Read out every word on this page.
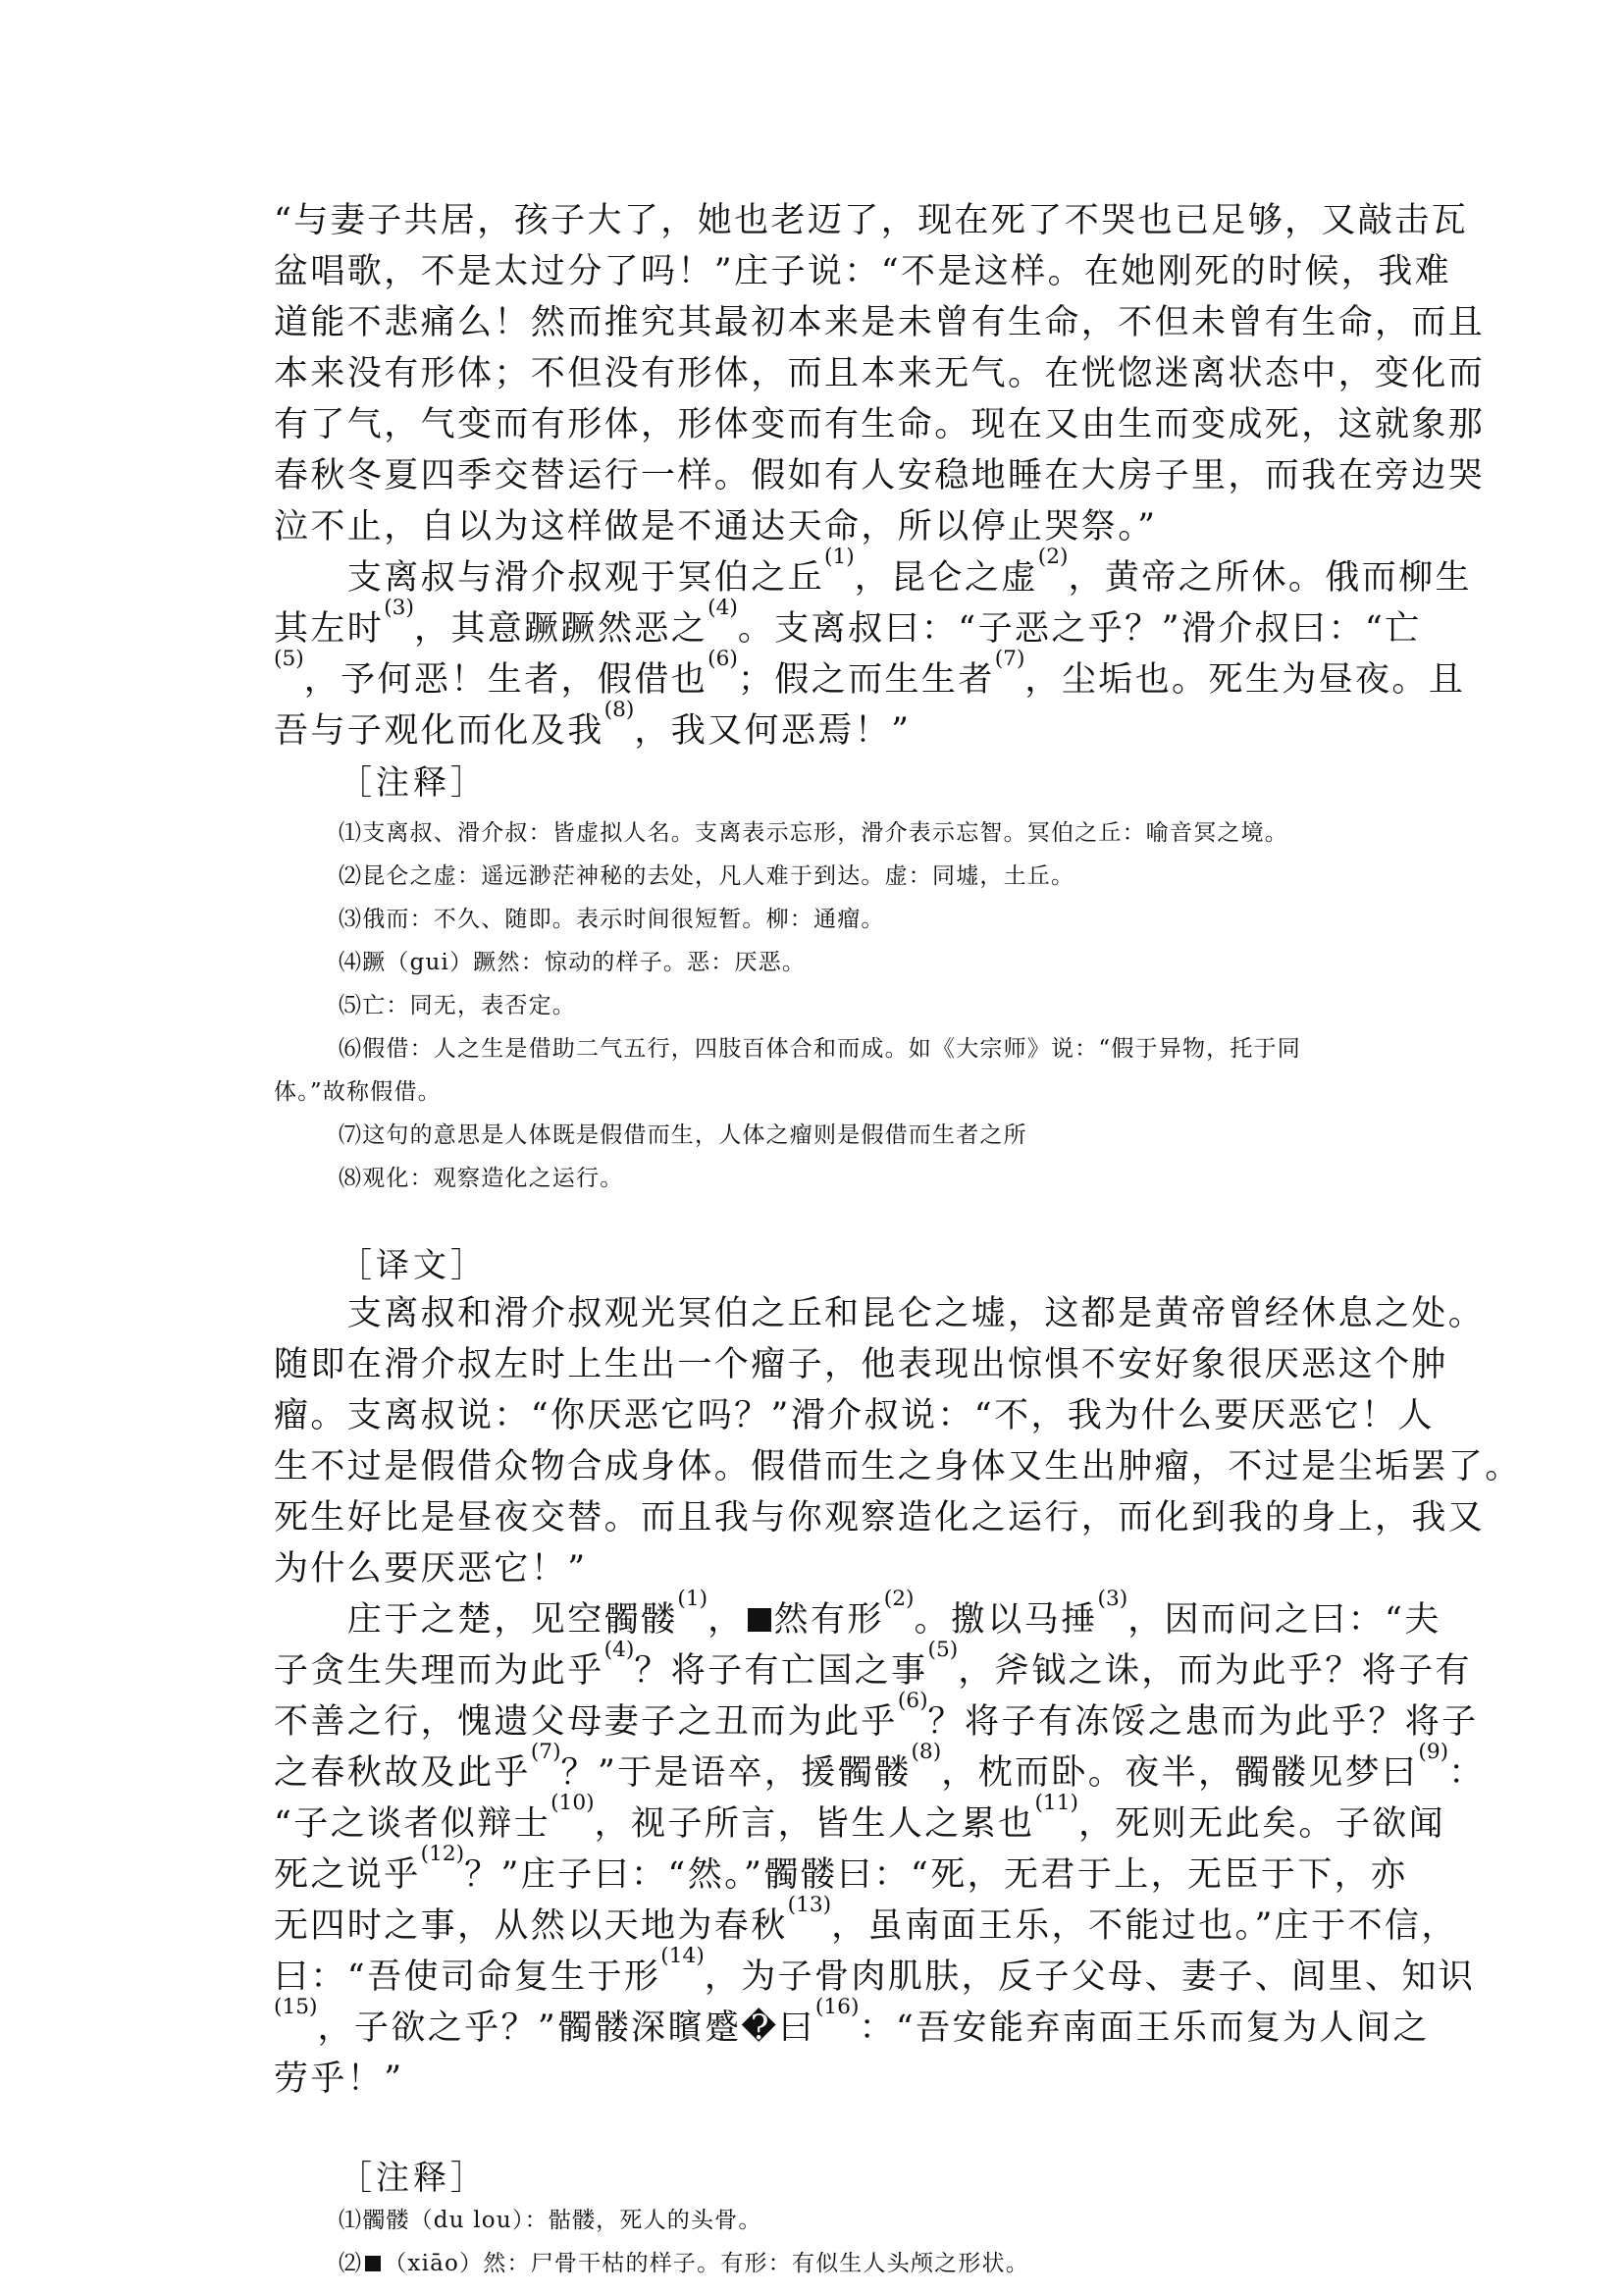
“与妻子共居，孩子大了，她也老迈了，现在死了不哭也已足够，又敲击瓦
盆唱歌，不是太过分了吗！”庄子说：“不是这样。在她刚死的时候，我难
道能不悲痛么！然而推究其最初本来是未曾有生命，不但未曾有生命，而且
本来没有形体；不但没有形体，而且本来无气。在恍惚迷离状态中，变化而
有了气，气变而有形体，形体变而有生命。现在又由生而变成死，这就象那
春秋冬夏四季交替运行一样。假如有人安稳地睡在大房子里，而我在旁边哭
泣不止，自以为这样做是不通达天命，所以停止哭祭。”
　　支离叔与滑介叔观于冥伯之丘$^{(1)}$，昆仑之虚$^{(2)}$，黄帝之所休。俄而柳生
其左时$^{(3)}$，其意蹶蹶然恶之$^{(4)}$。支离叔曰：“子恶之乎？”滑介叔曰：“亡
$^{(5)}$，予何恶！生者，假借也$^{(6)}$；假之而生生者$^{(7)}$，尘垢也。死生为昼夜。且
吾与子观化而化及我$^{(8)}$，我又何恶焉！”
［注释］
⑴支离叔、滑介叔：皆虚拟人名。支离表示忘形，滑介表示忘智。冥伯之丘：喻音冥之境。
⑵昆仑之虚：遥远渺茫神秘的去处，凡人难于到达。虚：同墟，土丘。
⑶俄而：不久、随即。表示时间很短暂。柳：通瘤。
⑷蹶（gui）蹶然：惊动的样子。恶：厌恶。
⑸亡：同无，表否定。
⑹假借：人之生是借助二气五行，四肢百体合和而成。如《大宗师》说：“假于异物，托于同
体。”故称假借。
⑺这句的意思是人体既是假借而生，人体之瘤则是假借而生者之所
⑻观化：观察造化之运行。
［译文］
　　支离叔和滑介叔观光冥伯之丘和昆仑之墟，这都是黄帝曾经休息之处。
随即在滑介叔左时上生出一个瘤子，他表现出惊惧不安好象很厌恶这个肿
瘤。支离叔说：“你厌恶它吗？”滑介叔说：“不，我为什么要厌恶它！人
生不过是假借众物合成身体。假借而生之身体又生出肿瘤，不过是尘垢罢了。
死生好比是昼夜交替。而且我与你观察造化之运行，而化到我的身上，我又
为什么要厌恶它！”
　　庄于之楚，见空髑髅$^{(1)}$， 然有形$^{(2)}$。撽以马捶$^{(3)}$，因而问之曰：“夫
子贪生失理而为此乎$^{(4)}$？将子有亡国之事$^{(5)}$，斧钺之诛，而为此乎？将子有
不善之行，愧遗父母妻子之丑而为此乎$^{(6)}$？将子有冻馁之患而为此乎？将子
之春秋故及此乎$^{(7)}$？”于是语卒，援髑髅$^{(8)}$，枕而卧。夜半，髑髅见梦曰$^{(9)}$：
“子之谈者似辩士$^{(10)}$，视子所言，皆生人之累也$^{(11)}$，死则无此矣。子欲闻
死之说乎$^{(12)}$？”庄子曰：“然。”髑髅曰：“死，无君于上，无臣于下，亦
无四时之事，从然以天地为春秋$^{(13)}$，虽南面王乐，不能过也。”庄于不信，
曰：“吾使司命复生于形$^{(14)}$，为子骨肉肌肤，反子父母、妻子、闾里、知识
$^{(15)}$，子欲之乎？”髑髅深矉蹙�曰$^{(16)}$：“吾安能弃南面王乐而复为人间之
劳乎！”
［注释］
⑴髑髅（du lou）：骷髅，死人的头骨。
⑵ （xiāo）然：尸骨干枯的样子。有形：有似生人头颅之形状。
